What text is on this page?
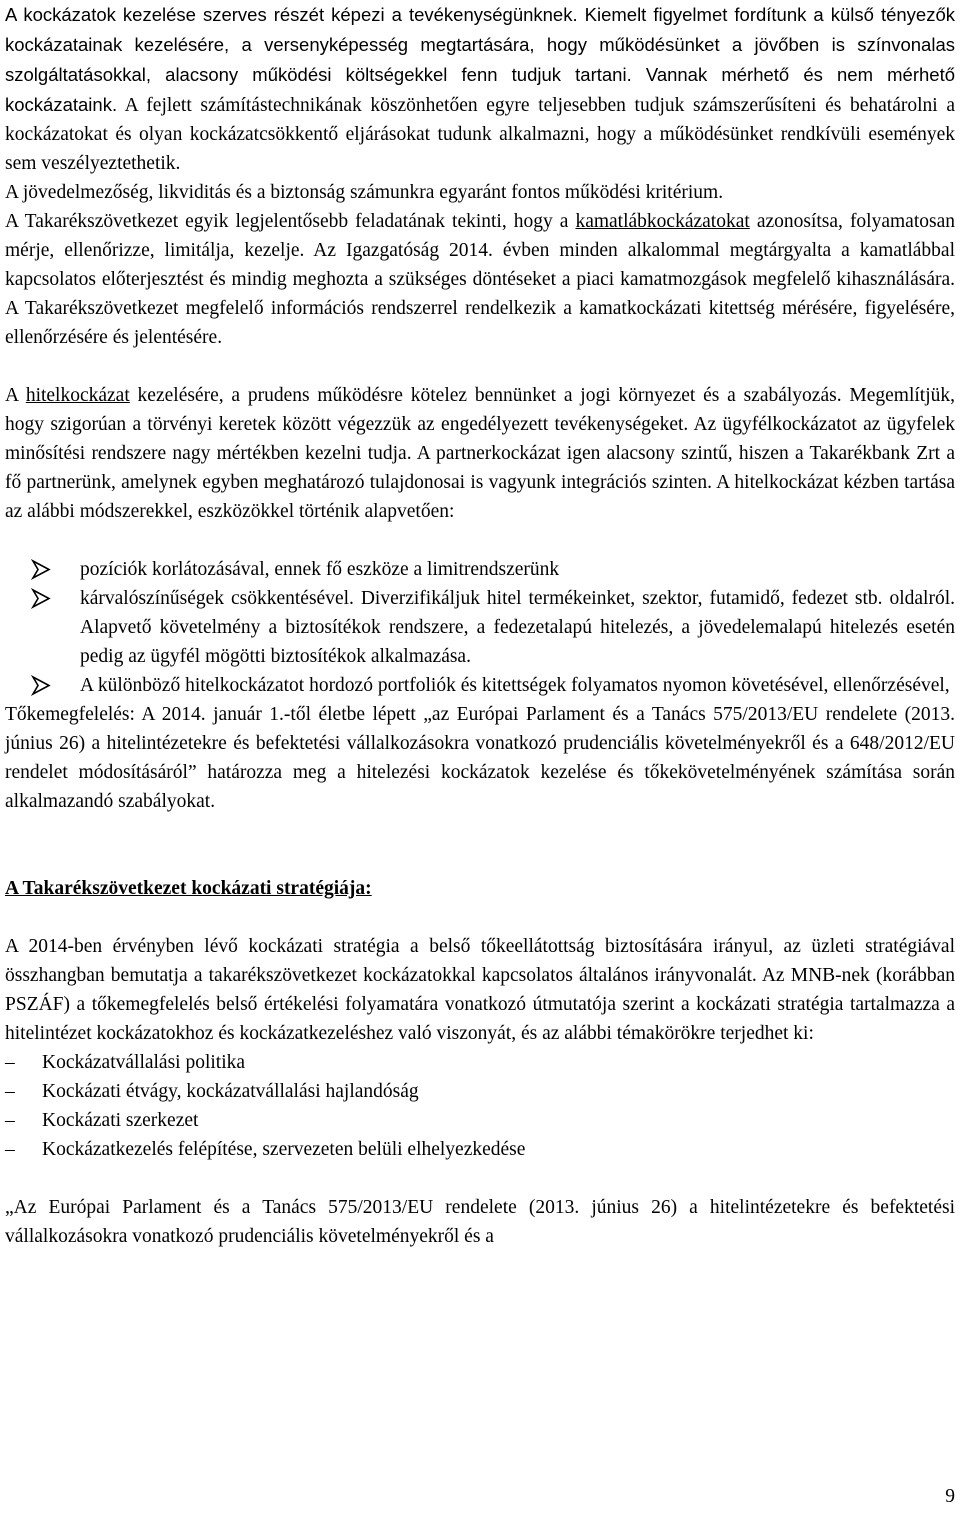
A kockázatok kezelése szerves részét képezi a tevékenységünknek. Kiemelt figyelmet fordítunk a külső tényezők kockázatainak kezelésére, a versenyképesség megtartására, hogy működésünket a jövőben is színvonalas szolgáltatásokkal, alacsony működési költségekkel fenn tudjuk tartani. Vannak mérhető és nem mérhető kockázataink. A fejlett számítástechnikának köszönhetően egyre teljesebben tudjuk számszerűsíteni és behatárolni a kockázatokat és olyan kockázatcsökkentő eljárásokat tudunk alkalmazni, hogy a működésünket rendkívüli események sem veszélyeztethetik.

A jövedelmezőség, likviditás és a biztonság számunkra egyaránt fontos működési kritérium.

A Takarékszövetkezet egyik legjelentősebb feladatának tekinti, hogy a kamatlábkockázatokat azonosítsa, folyamatosan mérje, ellenőrizze, limitálja, kezelje. Az Igazgatóság 2014. évben minden alkalommal megtárgyalta a kamatlábbal kapcsolatos előterjesztést és mindig meghozta a szükséges döntéseket a piaci kamatmozgások megfelelő kihasználására. A Takarékszövetkezet megfelelő információs rendszerrel rendelkezik a kamatkockázati kitettség mérésére, figyelésére, ellenőrzésére és jelentésére.

A hitelkockázat kezelésére, a prudens működésre kötelez bennünket a jogi környezet és a szabályozás. Megemlítjük, hogy szigorúan a törvényi keretek között végezzük az engedélyezett tevékenységeket. Az ügyfélkockázatot az ügyfelek minősítési rendszere nagy mértékben kezelni tudja. A partnerkockázat igen alacsony szintű, hiszen a Takarékbank Zrt a fő partnerünk, amelynek egyben meghatározó tulajdonosai is vagyunk integrációs szinten. A hitelkockázat kézben tartása az alábbi módszerekkel, eszközökkel történik alapvetően:

pozíciók korlátozásával, ennek fő eszköze a limitrendszerünk
kárvalószínűségek csökkentésével. Diverzifikáljuk hitel termékeinket, szektor, futamidő, fedezet stb. oldalról. Alapvető követelmény a biztosítékok rendszere, a fedezetalapú hitelezés, a jövedelemalapú hitelezés esetén pedig az ügyfél mögötti biztosítékok alkalmazása.
A különböző hitelkockázatot hordozó portfoliók és kitettségek folyamatos nyomon követésével, ellenőrzésével,

Tőkemegfelelés: A 2014. január 1.-től életbe lépett „az Európai Parlament és a Tanács 575/2013/EU rendelete (2013. június 26) a hitelintézetekre és befektetési vállalkozásokra vonatkozó prudenciális követelményekről és a 648/2012/EU rendelet módosításáról” határozza meg a hitelezési kockázatok kezelése és tőkekövetelményének számítása során alkalmazandó szabályokat.

A Takarékszövetkezet kockázati stratégiája:

A 2014-ben érvényben lévő kockázati stratégia a belső tőkeellátottság biztosítására irányul, az üzleti stratégiával összhangban bemutatja a takarékszövetkezet kockázatokkal kapcsolatos általános irányvonalát. Az MNB-nek (korábban PSZÁF) a tőkemegfelelés belső értékelési folyamatára vonatkozó útmutatója szerint a kockázati stratégia tartalmazza a hitelintézet kockázatokhoz és kockázatkezeléshez való viszonyát, és az alábbi témakörökre terjedhet ki:

–	Kockázatvállalási politika
–	Kockázati étvágy, kockázatvállalási hajlandóság
–	Kockázati szerkezet
–	Kockázatkezelés felépítése, szervezeten belüli elhelyezkedése

„Az Európai Parlament és a Tanács 575/2013/EU rendelete (2013. június 26) a hitelintézetekre és befektetési vállalkozásokra vonatkozó prudenciális követelményekről és a

9
